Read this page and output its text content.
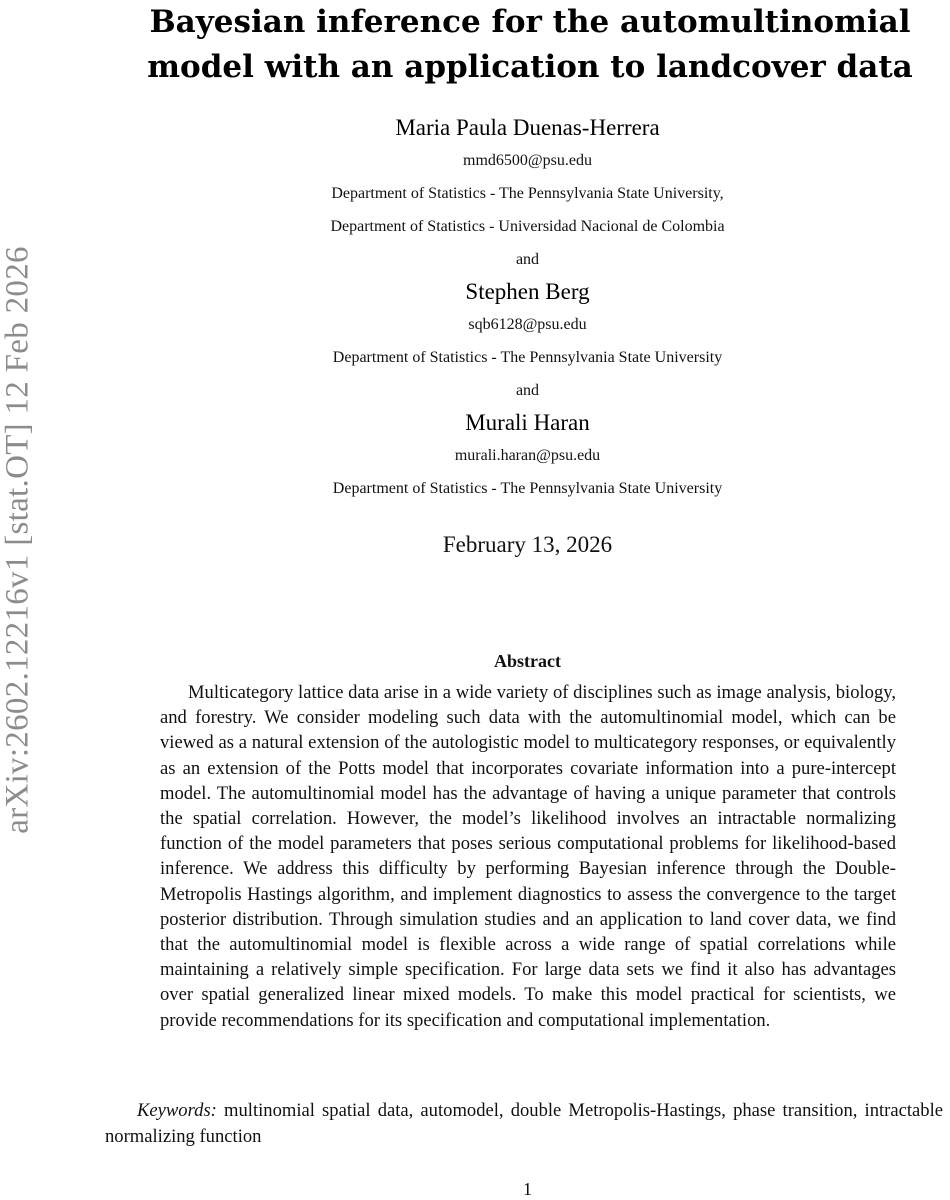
arXiv:2602.12216v1 [stat.OT] 12 Feb 2026
Bayesian inference for the automultinomial
model with an application to landcover data
Maria Paula Duenas-Herrera
mmd6500@psu.edu
Department of Statistics - The Pennsylvania State University,
Department of Statistics - Universidad Nacional de Colombia
and
Stephen Berg
sqb6128@psu.edu
Department of Statistics - The Pennsylvania State University
and
Murali Haran
murali.haran@psu.edu
Department of Statistics - The Pennsylvania State University
February 13, 2026
Abstract

Multicategory lattice data arise in a wide variety of disciplines such as image analysis, biology, and forestry. We consider modeling such data with the automultinomial model, which can be viewed as a natural extension of the autologistic model to multicategory responses, or equivalently as an extension of the Potts model that incorporates covariate information into a pure-intercept model. The automultinomial model has the advantage of having a unique parameter that controls the spatial correlation. However, the model’s likelihood involves an intractable normalizing function of the model parameters that poses serious computational problems for likelihood-based inference. We address this difficulty by performing Bayesian inference through the Double-Metropolis Hastings algorithm, and implement diagnostics to assess the convergence to the target posterior distribution. Through simulation studies and an application to land cover data, we find that the automultinomial model is flexible across a wide range of spatial correlations while maintaining a relatively simple specification. For large data sets we find it also has advantages over spatial generalized linear mixed models. To make this model practical for scientists, we provide recommendations for its specification and computational implementation.

Keywords: multinomial spatial data, automodel, double Metropolis-Hastings, phase transition, intractable normalizing function

1
